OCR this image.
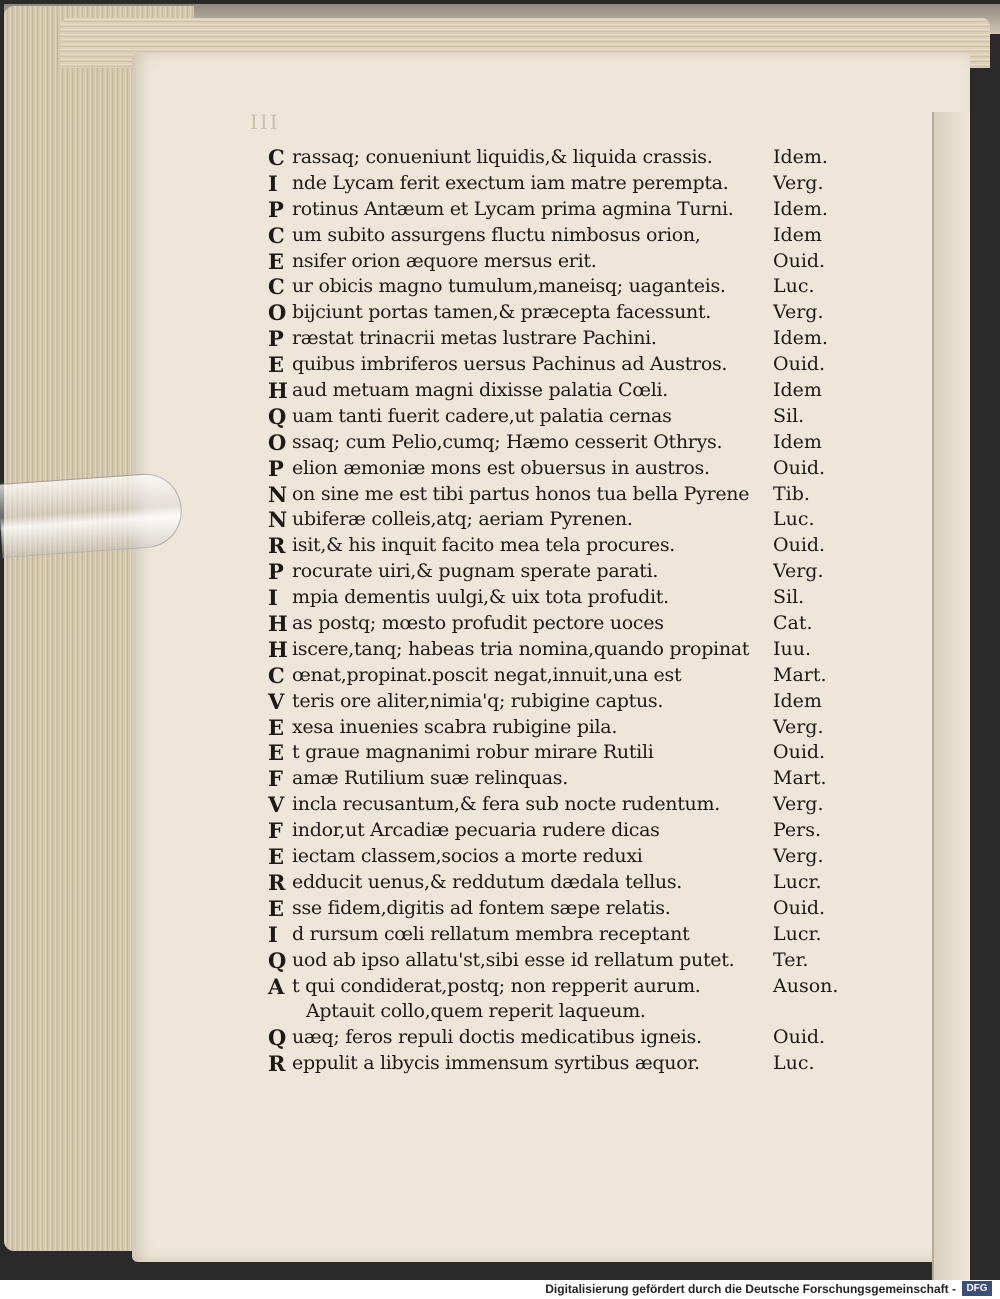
III
C rassaq; conueniunt liquidis,& liquida crassis.	Idem.
I nde Lycam ferit exectum iam matre perempta. Verg.
P rotinus Antæum et Lycam prima agmina Turni. Idem.
C um subito assurgens fluctu nimbosus orion,	Idem
E nsifer orion æquore mersus erit.	Ouid.
C ur obicis magno tumulum,maneisq; uaganteis. Luc.
O bijciunt portas tamen,& præcepta facessunt.	Verg.
P ræstat trinacrii metas lustrare Pachini.	Idem.
E quibus imbriferos uersus Pachinus ad Austros. Ouid.
H aud metuam magni dixisse palatia Cœli.	Idem
Q uam tanti fuerit cadere,ut palatia cernas	Sil.
O ssaq; cum Pelio,cumq; Hæmo cesserit Othrys.	Idem
P elion æmoniæ mons est obuersus in austros.	Ouid.
N on sine me est tibi partus honos tua bella Pyrene Tib.
N ubiferæ colleis,atq; aeriam Pyrenen.	Luc.
R isit,& his inquit facito mea tela procures.	Ouid.
P rocurate uiri,& pugnam sperate parati.	Verg.
I mpia dementis uulgi,& uix tota profudit.	Sil.
H as postq; mœsto profudit pectore uoces	Cat.
H iscere,tanq; habeas tria nomina,quando propinat Iuu.
C œnat,propinat.poscit negat,innuit,una est	Mart.
V teris ore aliter,nimia'q; rubigine captus.	Idem
E xesa inuenies scabra rubigine pila.	Verg.
E t graue magnanimi robur mirare Rutili	Ouid.
F amæ Rutilium suæ relinquas.	Mart.
V incla recusantum,& fera sub nocte rudentum.	Verg.
F indor,ut Arcadiæ pecuaria rudere dicas	Pers.
E iectam classem,socios a morte reduxi	Verg.
R edducit uenus,& reddutum dædala tellus.	Lucr.
E sse fidem,digitis ad fontem sæpe relatis.	Ouid.
I d rursum cœli rellatum membra receptant	Lucr.
Q uod ab ipso allatu'st,sibi esse id rellatum putet. Ter.
A t qui condiderat,postq; non repperit aurum.	Auson.
Aptauit collo,quem reperit laqueum.
Q uæq; feros repuli doctis medicatibus igneis.	Ouid.
R eppulit a libycis immensum syrtibus æquor.	Luc.
Digitalisierung gefördert durch die Deutsche Forschungsgemeinschaft -	DFG
